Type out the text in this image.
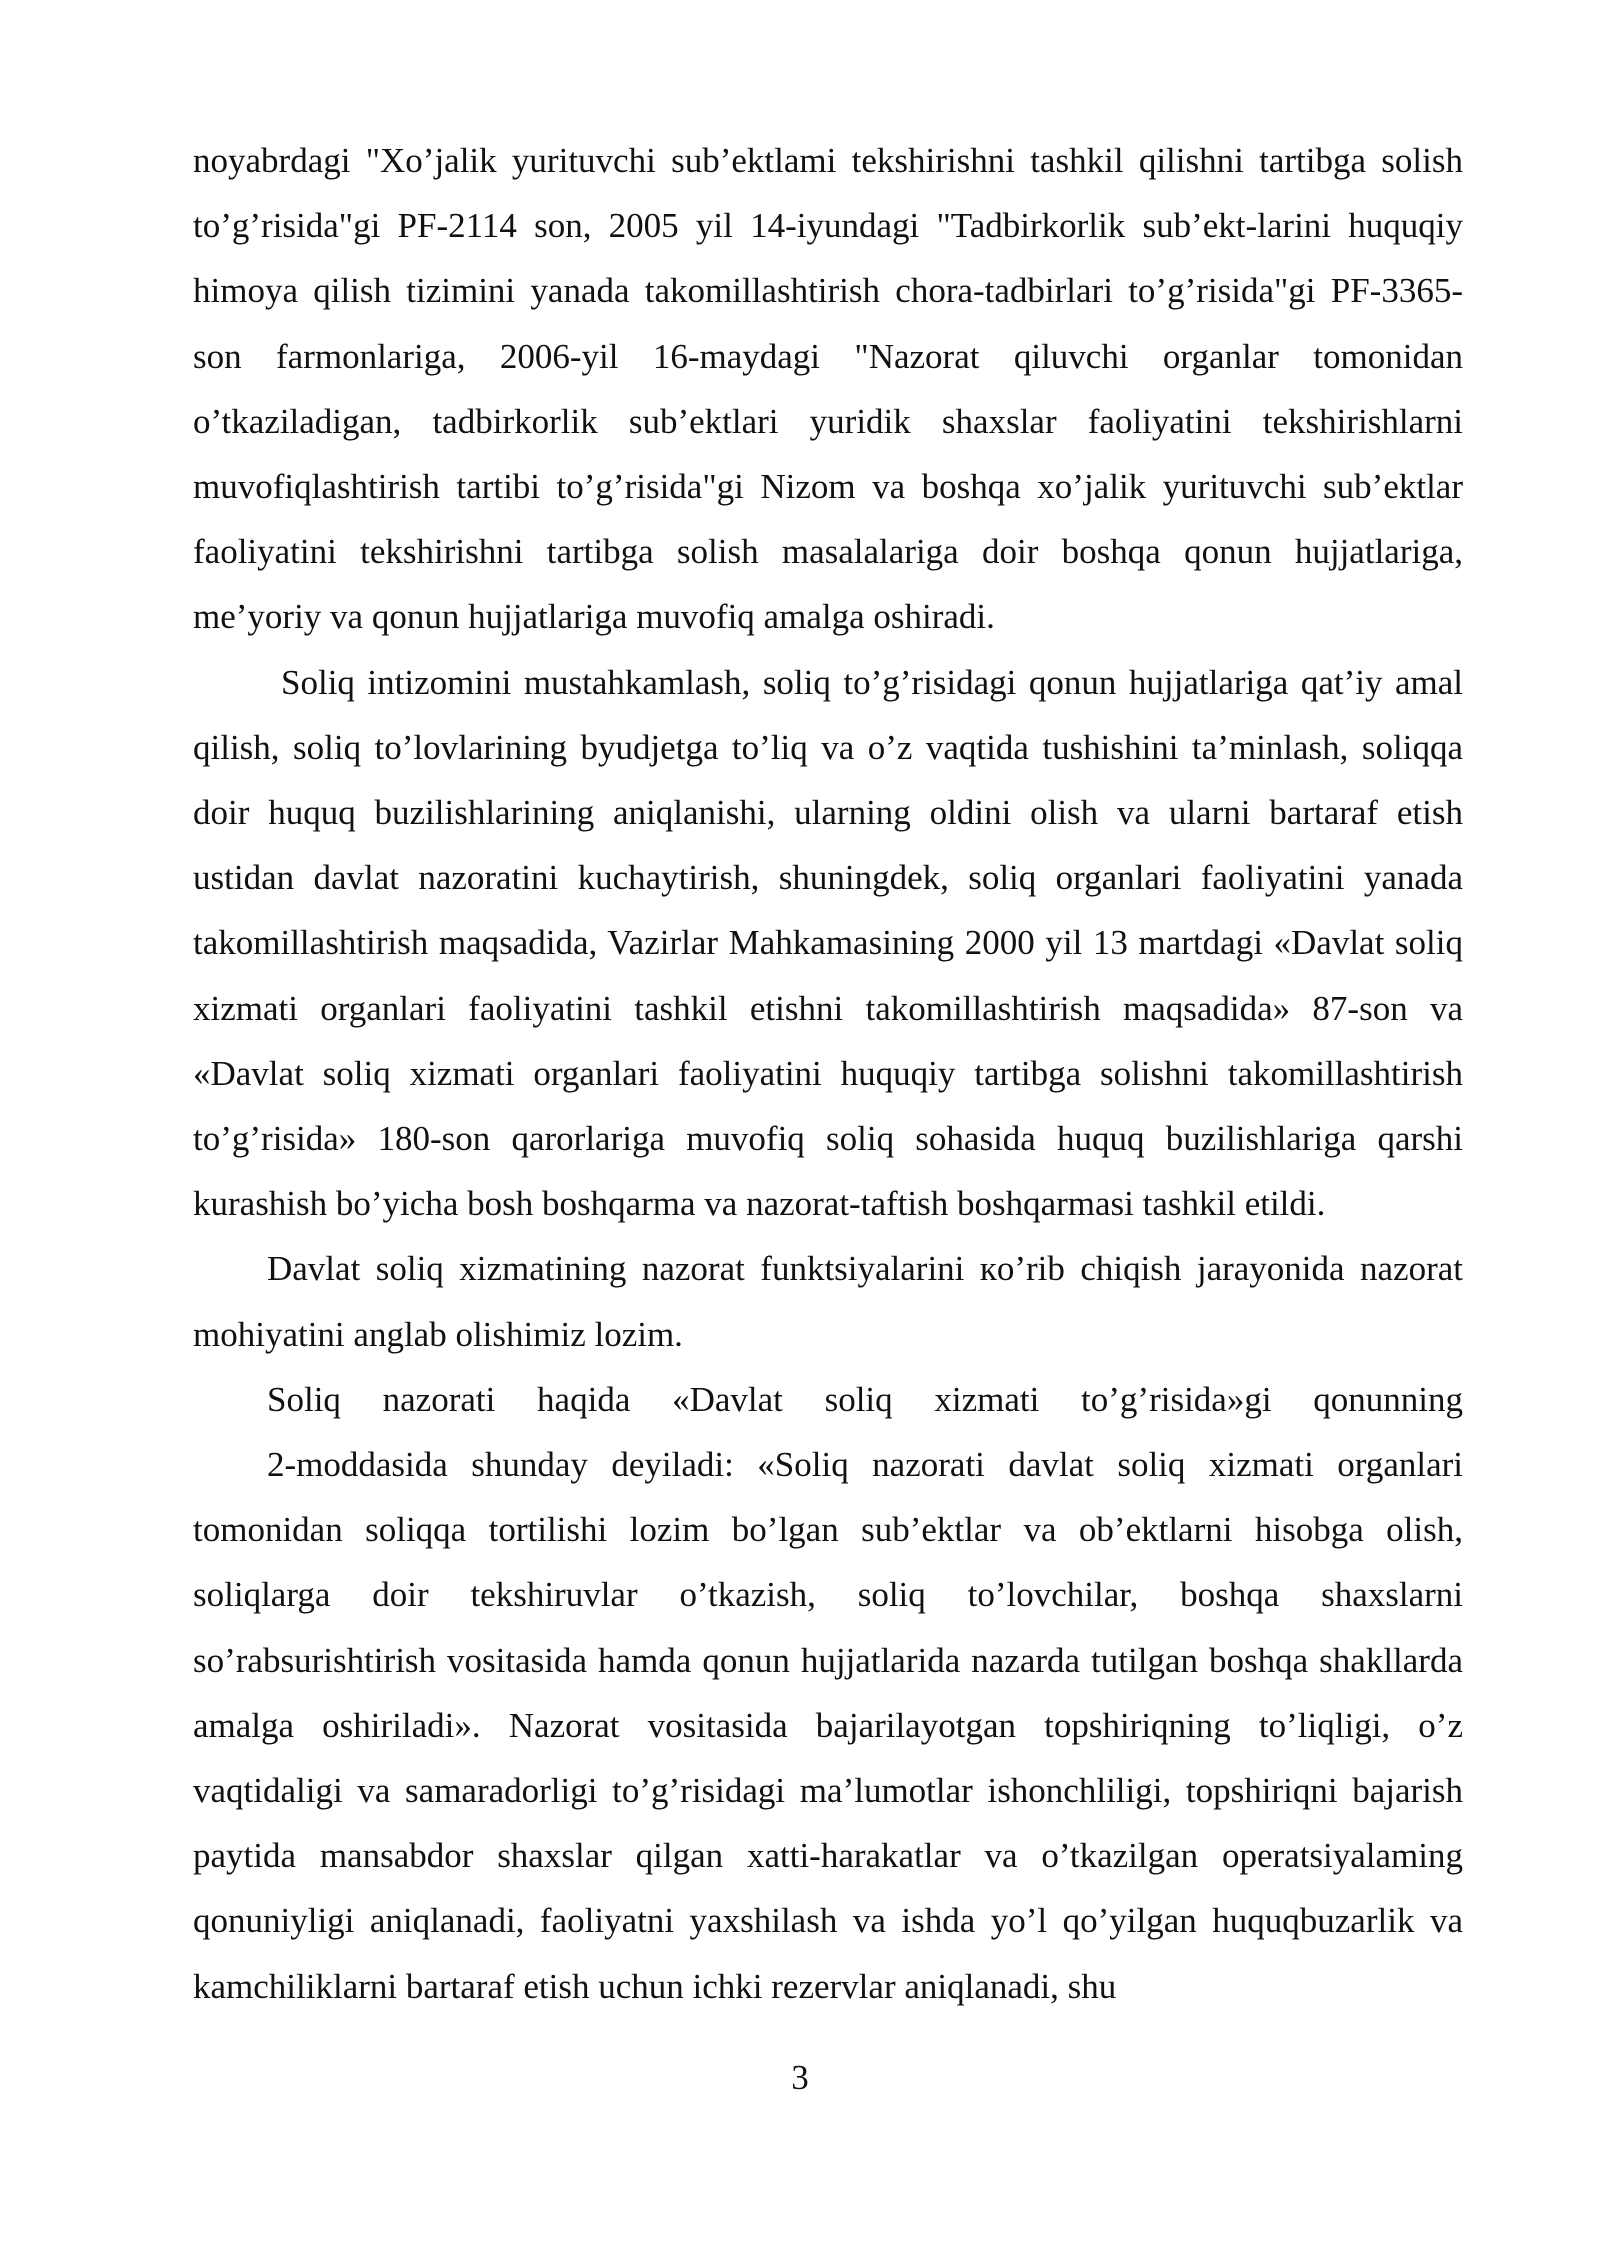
noyabrdagi "Xo’jalik yurituvchi sub’ektlami tekshirishni tashkil qilishni tartibga solish to’g’risida"gi PF-2114 son, 2005 yil 14-iyundagi "Tadbirkorlik sub’ekt-larini huquqiy himoya qilish tizimini yanada takomillashtirish chora-tadbirlari to’g’risida"gi PF-3365-son farmonlariga, 2006-yil 16-maydagi "Nazorat qiluvchi organlar tomonidan o’tkaziladigan, tadbirkorlik sub’ektlari yuridik shaxslar faoliyatini tekshirishlarni muvofiqlashtirish tartibi to’g’risida"gi Nizom va boshqa xo’jalik yurituvchi sub’ektlar faoliyatini tekshirishni tartibga solish masalalariga doir boshqa qonun hujjatlariga, me’yoriy va qonun hujjatlariga muvofiq amalga oshiradi.

Soliq intizomini mustahkamlash, soliq to’g’risidagi qonun hujjatlariga qat’iy amal qilish, soliq to’lovlarining byudjetga to’liq va o’z vaqtida tushishini ta’minlash, soliqqa doir huquq buzilishlarining aniqlanishi, ularning oldini olish va ularni bartaraf etish ustidan davlat nazoratini kuchaytirish, shuningdek, soliq organlari faoliyatini yanada takomillashtirish maqsadida, Vazirlar Mahkamasining 2000 yil 13 martdagi «Davlat soliq xizmati organlari faoliyatini tashkil etishni takomillashtirish maqsadida» 87-son va «Davlat soliq xizmati organlari faoliyatini huquqiy tartibga solishni takomillashtirish to’g’risida» 180-son qarorlariga muvofiq soliq sohasida huquq buzilishlariga qarshi kurashish bo’yicha bosh boshqarma va nazorat-taftish boshqarmasi tashkil etildi.

Davlat soliq xizmatining nazorat funktsiyalarini кo’rib chiqish jarayonida nazorat mohiyatini anglab olishimiz lozim.

Soliq nazorati haqida «Davlat soliq xizmati to’g’risida»gi qonunning

2-moddasida shunday deyiladi: «Soliq nazorati davlat soliq xizmati organlari tomonidan soliqqa tortilishi lozim bo’lgan sub’ektlar va ob’ektlarni hisobga olish, soliqlarga doir tekshiruvlar o’tkazish, soliq to’lovchilar, boshqa shaxslarni so’rabsurishtirish vositasida hamda qonun hujjatlarida nazarda tutilgan boshqa shakllarda amalga oshiriladi». Nazorat vositasida bajarilayotgan topshiriqning to’liqligi, o’z vaqtidaligi va samaradorligi to’g’risidagi ma’lumotlar ishonchliligi, topshiriqni bajarish paytida mansabdor shaxslar qilgan xatti-harakatlar va o’tkazilgan operatsiyalaming qonuniyligi aniqlanadi, faoliyatni yaxshilash va ishda yo’l qo’yilgan huquqbuzarlik va kamchiliklarni bartaraf etish uchun ichki rezervlar aniqlanadi, shu

3
